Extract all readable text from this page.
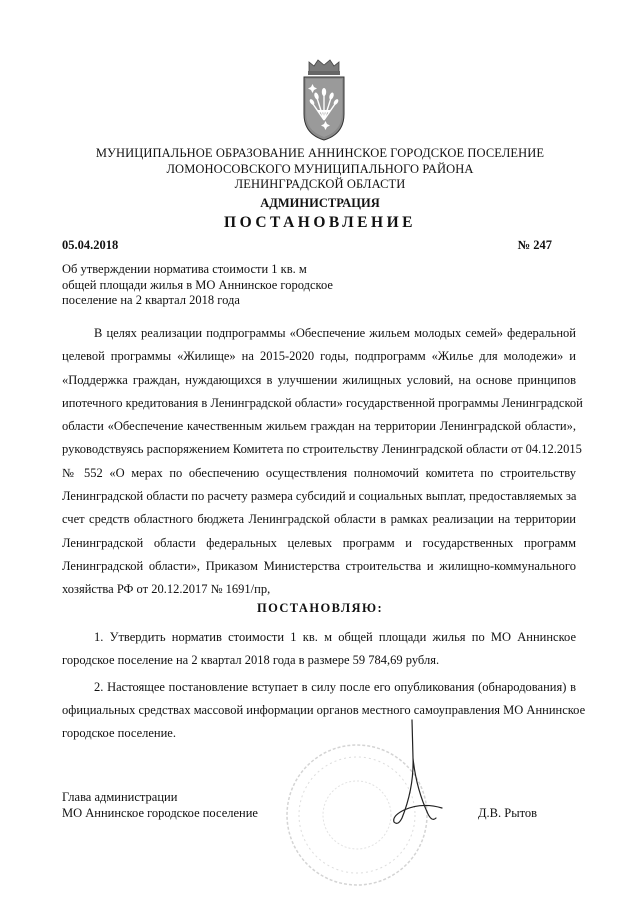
МУНИЦИПАЛЬНОЕ ОБРАЗОВАНИЕ АННИНСКОЕ ГОРОДСКОЕ ПОСЕЛЕНИЕ
ЛОМОНОСОВСКОГО МУНИЦИПАЛЬНОГО РАЙОНА
ЛЕНИНГРАДСКОЙ ОБЛАСТИ
АДМИНИСТРАЦИЯ
ПОСТАНОВЛЕНИЕ
05.04.2018	№ 247
Об утверждении норматива стоимости 1 кв. м
общей площади жилья в МО Аннинское городское
поселение на 2 квартал 2018 года
В целях реализации подпрограммы «Обеспечение жильем молодых семей» федеральной
целевой программы «Жилище» на 2015-2020 годы, подпрограмм «Жилье для молодежи» и
«Поддержка граждан, нуждающихся в улучшении жилищных условий, на основе принципов
ипотечного кредитования в Ленинградской области» государственной программы Ленинградской
области «Обеспечение качественным жильем граждан на территории Ленинградской области»,
руководствуясь распоряжением Комитета по строительству Ленинградской области от 04.12.2015
№ 552 «О мерах по обеспечению осуществления полномочий комитета по строительству
Ленинградской области по расчету размера субсидий и социальных выплат, предоставляемых за
счет средств областного бюджета Ленинградской области в рамках реализации на территории
Ленинградской области федеральных целевых программ и государственных программ
Ленинградской области», Приказом Министерства строительства и жилищно-коммунального
хозяйства РФ от 20.12.2017 № 1691/пр,
ПОСТАНОВЛЯЮ:
1. Утвердить норматив стоимости 1 кв. м общей площади жилья по МО Аннинское
городское поселение на 2 квартал 2018 года в размере 59 784,69 рубля.
2. Настоящее постановление вступает в силу после его опубликования (обнародования) в
официальных средствах массовой информации органов местного самоуправления МО Аннинское
городское поселение.
Глава администрации
МО Аннинское городское поселение	Д.В. Рытов
